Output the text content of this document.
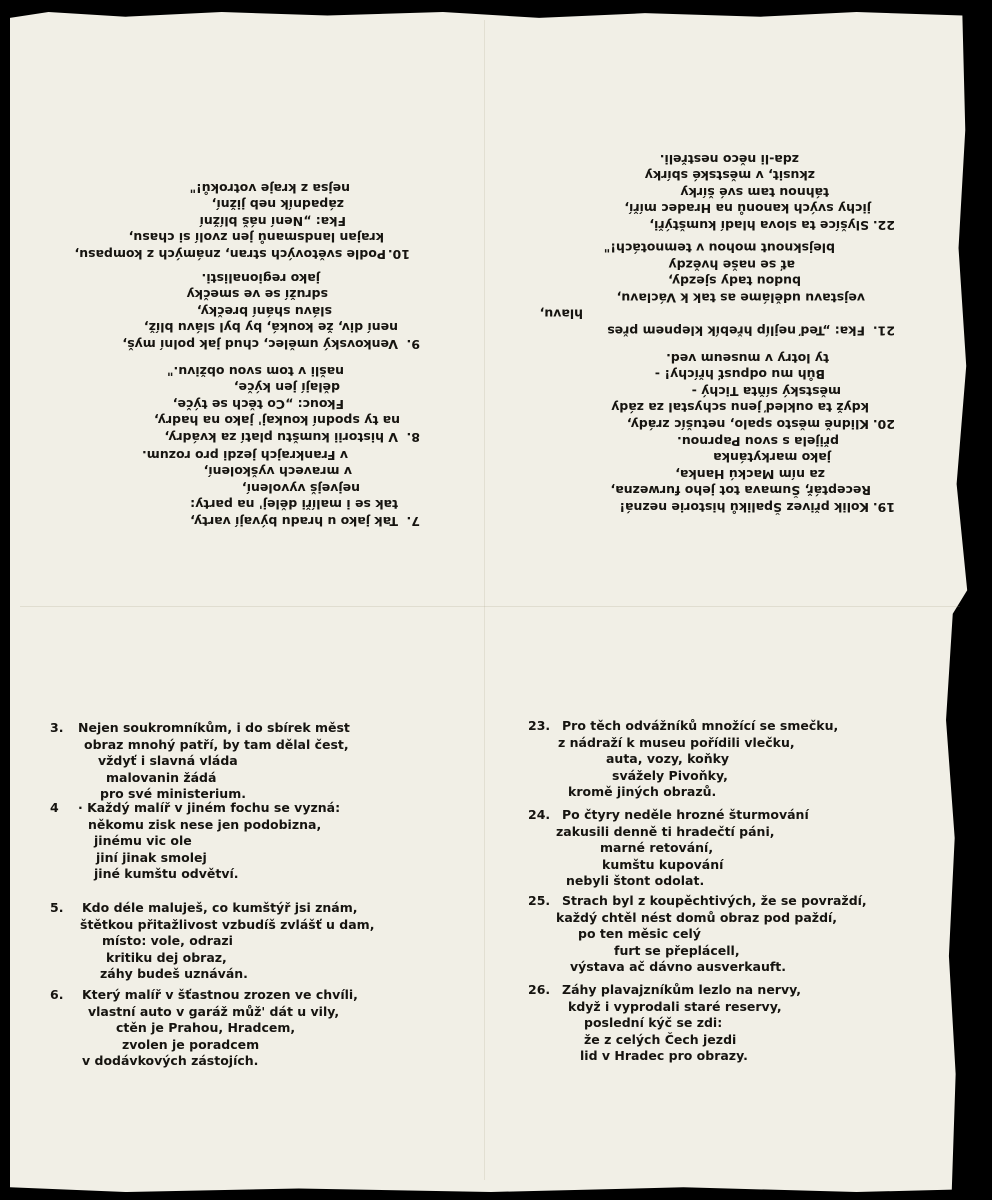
3. Nejen soukromníkům, i do sbírek měst
obraz mnohý patří, by tam dělal čest,
vždyť i slavná vláda
malovanin žádá
pro své ministerium.
4 · Každý malíř v jiném fochu se vyzná:
někomu zisk nese jen podobizna,
jinému vic ole
jiní jinak smolej
jiné kumštu odvětví.
5. Kdo déle maluješ, co kumštýř jsi znám,
štětkou přitažlivost vzbudíš zvlášť u dam,
místo: vole, odrazi
kritiku dej obraz,
záhy budeš uznáván.
6. Který malíř v šťastnou zrozen ve chvíli,
vlastní auto v garáž můž' dát u vily,
ctěn je Prahou, Hradcem,
zvolen je poradcem
v dodávkových zástojích.
23. Pro těch odvážníků množící se smečku,
z nádraží k museu pořídili vlečku,
auta, vozy, koňky
svážely Pivoňky,
kromě jiných obrazů.
24. Po čtyry neděle hrozné šturmování
zakusili denně ti hradečtí páni,
marné retování,
kumštu kupování
nebyli štont odolat.
25. Strach byl z koupěchtivých, že se povraždí,
každý chtěl nést domů obraz pod paždí,
po ten měsic celý
furt se přeplácell,
výstava ač dávno ausverkauft.
26. Záhy plavajzníkům lezlo na nervy,
když i vyprodali staré reservy,
poslední kýč se zdi:
že z celých Čech jezdi
lid v Hradec pro obrazy.
7.
Tak jako u hradu bývají varty,
tak se i malíři dělej' na party:
nejvejš vyvolení,
v mravech vyškolení,
v Frankrajch jezdi pro rozum.
8.
V historii kumštu platí za kvádry,
na ty spodní koukaj' jako na hadry,
Fkouc: „Co těch se týče,
dělají jen kýče,
našli v tom svou obživu."
9.
Venkovský umělec, chud jak polní myš,
není div, že kouká, by byl slávu blíž,
slávu shání brečky,
sdruží se ve smečky
jako regionalisti.
10.
Podle světových stran, známých z kompasu,
krajan landsmanů jen zvolí si chasu,
Fka: „Není náš blížní
západník neb jižní,
nejsa z kraje votroků!"
19.
Kolik přivez Špaliků historie nezná!
Receptář, Šumava tot jeho furwezna,
za ním Mackú Hanka,
jako markytánka
přijela s svou Paprnou.
20.
Klidně město spalo, netušíc zrády,
když ta oukleď jenu schystal za zády
městský síňta Tichý -
Bůh mu odpusť hříchy! -
ty lotry v museum ved.
21.
Fka: „Teď nejlíp hřebík klepnem přes
hlavu,
vejstavu uděláme as tak k Václavu,
budou tady sjezdy,
ať se naše hvězdy
blejsknout mohou v temnotách!"
22.
Slyšíce ta slova hladí kumštýři,
jichy svých kanonů na Hradec míří,
táhnou tam své šírky
zkusit, v městské sbírky
zda-li něco nestřeli.
